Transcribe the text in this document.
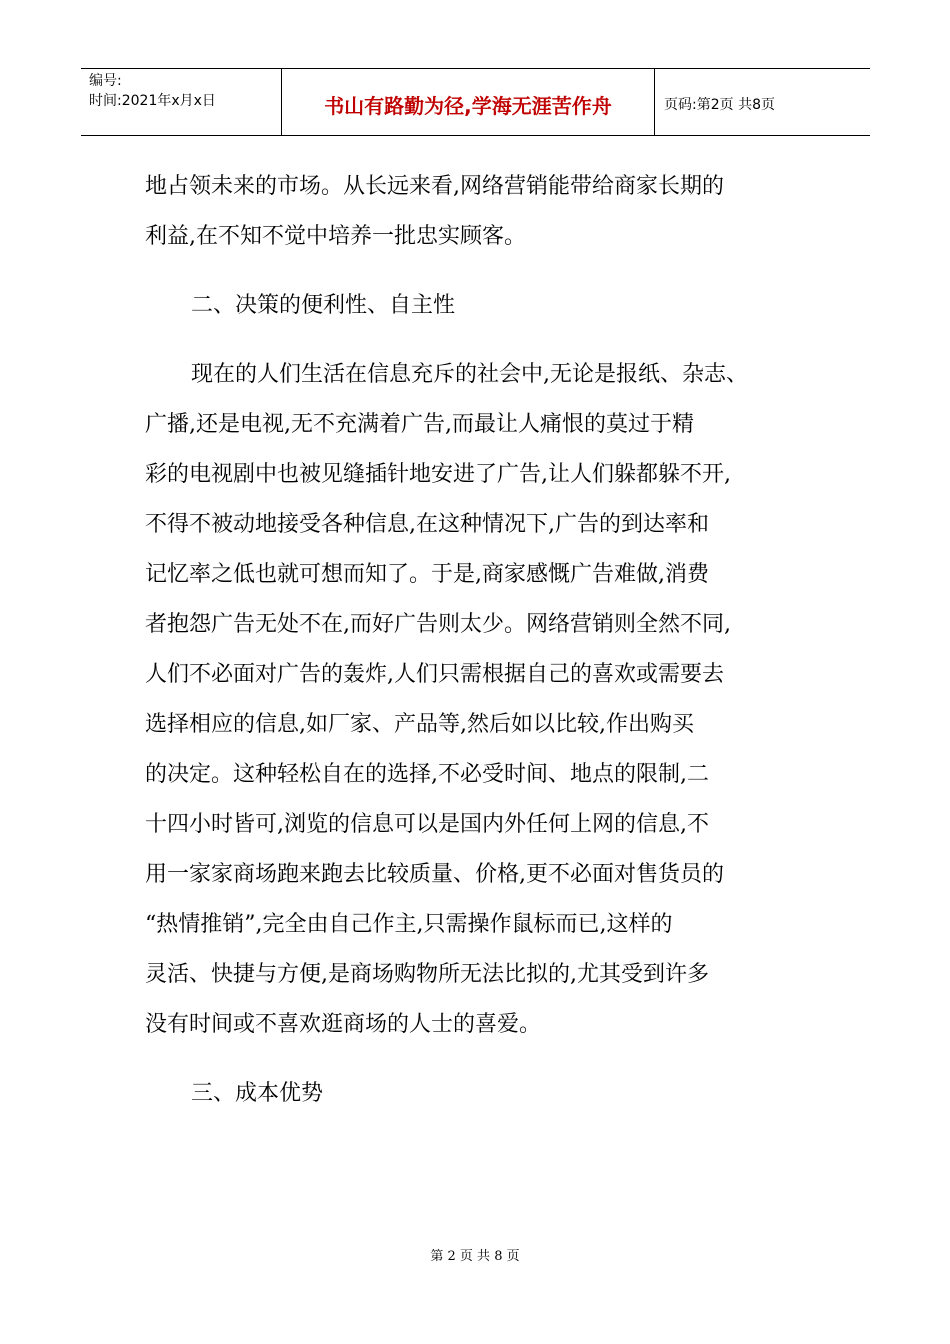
编号:
时间:2021年x月x日	书山有路勤为径,学海无涯苦作舟	页码:第2页 共8页
地占领未来的市场。从长远来看,网络营销能带给商家长期的
利益,在不知不觉中培养一批忠实顾客。
二、决策的便利性、自主性
现在的人们生活在信息充斥的社会中,无论是报纸、杂志、
广播,还是电视,无不充满着广告,而最让人痛恨的莫过于精
彩的电视剧中也被见缝插针地安进了广告,让人们躲都躲不开,
不得不被动地接受各种信息,在这种情况下,广告的到达率和
记忆率之低也就可想而知了。于是,商家感慨广告难做,消费
者抱怨广告无处不在,而好广告则太少。网络营销则全然不同,
人们不必面对广告的轰炸,人们只需根据自己的喜欢或需要去
选择相应的信息,如厂家、产品等,然后如以比较,作出购买
的决定。这种轻松自在的选择,不必受时间、地点的限制,二
十四小时皆可,浏览的信息可以是国内外任何上网的信息,不
用一家家商场跑来跑去比较质量、价格,更不必面对售货员的
“热情推销”,完全由自己作主,只需操作鼠标而已,这样的
灵活、快捷与方便,是商场购物所无法比拟的,尤其受到许多
没有时间或不喜欢逛商场的人士的喜爱。
三、成本优势
第 2 页 共 8 页
